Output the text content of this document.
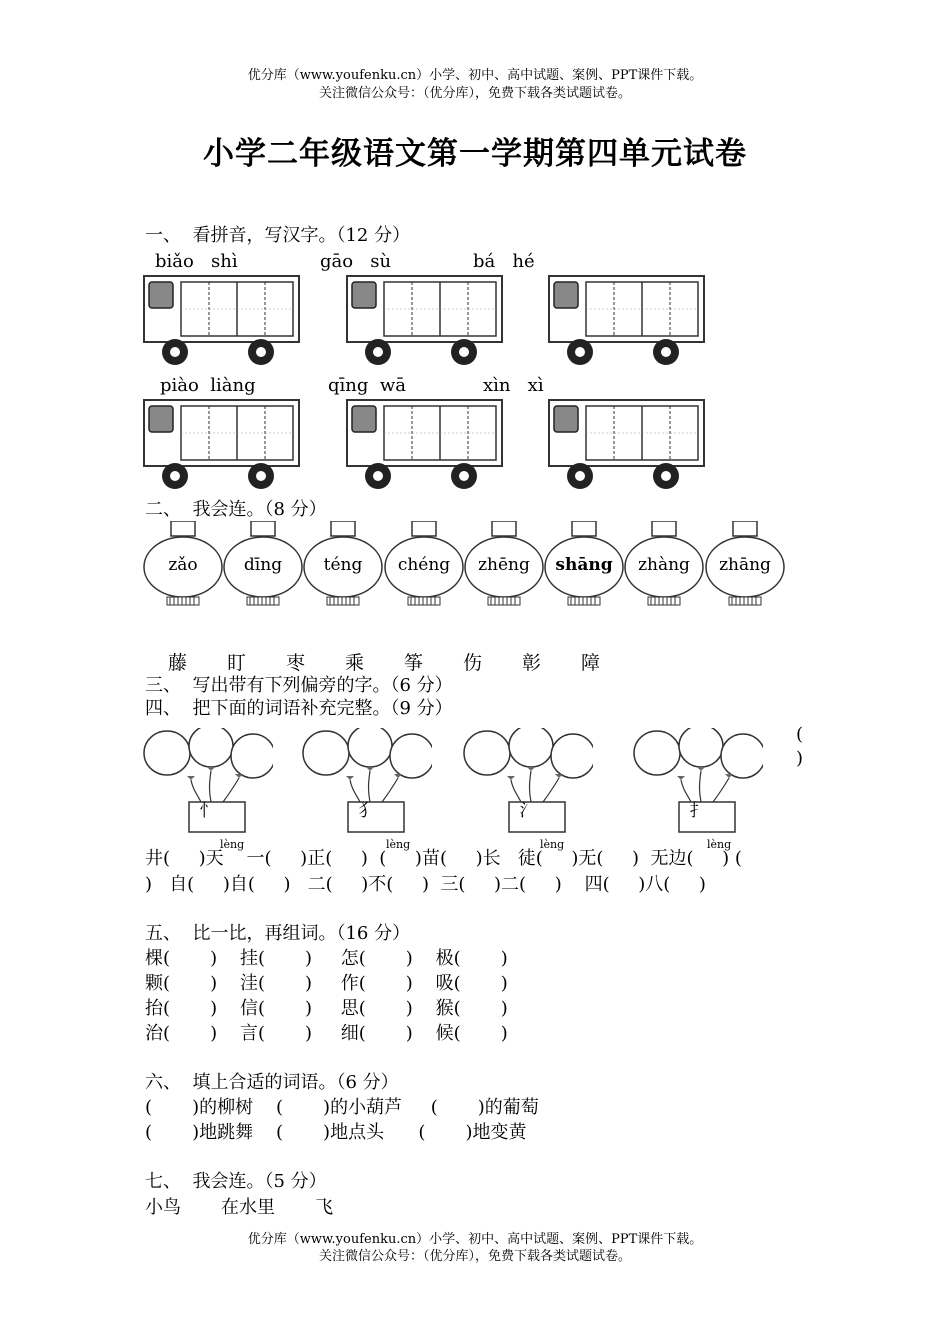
优分库（www.youfenku.cn）小学、初中、高中试题、案例、PPT课件下载。
关注微信公众号：（优分库），免费下载各类试题试卷。
小学二年级语文第一学期第四单元试卷
一、  看拼音，写汉字。（12 分）
biǎo   shì	gāo   sù	bá   hé
piào  liàng	qīng  wā	xìn   xì
二、  我会连。（8 分）
zǎo	dīng	téng	chéng	zhēng	shāng	zhàng	zhāng
藤 盯 枣 乘 筝 伤 彰 障
三、  写出带有下列偏旁的字。（6 分）
四、  把下面的词语补充完整。（9 分）
忄	犭	氵	扌
(
)
lèng	lèng	lèng	lèng
井(     )天    一(     )正(     )  (     )苗(     )长   徒(     )无(     )  无边(     ) (
)   自(     )自(     )   二(     )不(     )  三(     )二(     )    四(     )八(     )
五、  比一比，再组词。（16 分）
棵(       )    挂(       )     怎(       )    极(       )
颗(       )    洼(       )     作(       )    吸(       )
抬(       )    信(       )     思(       )    猴(       )
治(       )    言(       )     细(       )    候(       )
六、  填上合适的词语。（6 分）
(       )的柳树    (       )的小葫芦     (       )的葡萄
(       )地跳舞    (       )地点头      (       )地变黄
七、  我会连。（5 分）
小鸟       在水里       飞
优分库（www.youfenku.cn）小学、初中、高中试题、案例、PPT课件下载。
关注微信公众号：（优分库），免费下载各类试题试卷。
